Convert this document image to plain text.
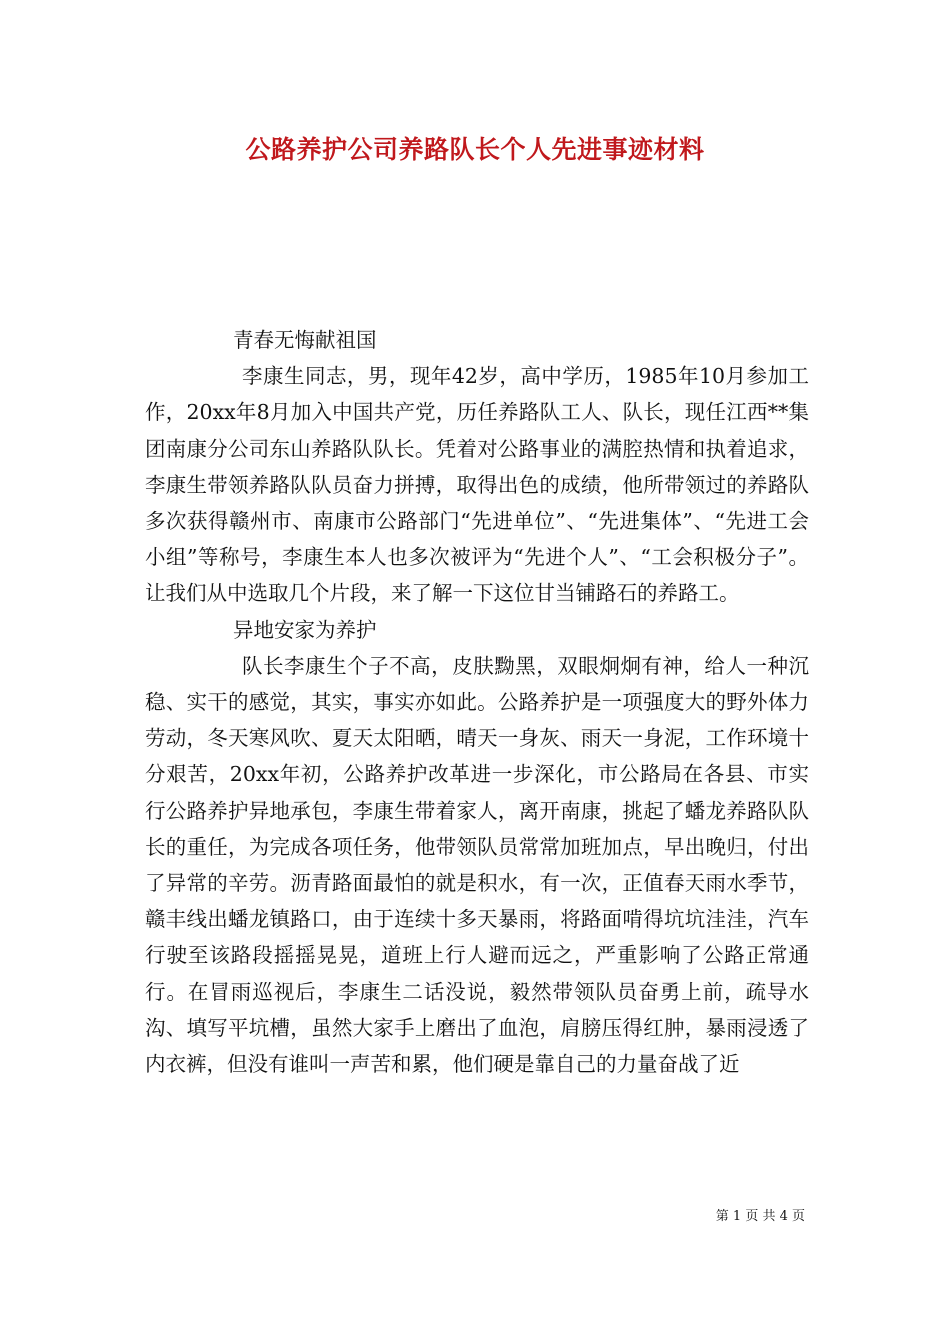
公路养护公司养路队长个人先进事迹材料

青春无悔献祖国

李康生同志，男，现年42岁，高中学历，1985年10月参加工作，20xx年8月加入中国共产党，历任养路队工人、队长，现任江西**集团南康分公司东山养路队队长。凭着对公路事业的满腔热情和执着追求，李康生带领养路队队员奋力拼搏，取得出色的成绩，他所带领过的养路队多次获得赣州市、南康市公路部门“先进单位”、“先进集体”、“先进工会小组”等称号，李康生本人也多次被评为“先进个人”、“工会积极分子”。让我们从中选取几个片段，来了解一下这位甘当铺路石的养路工。

异地安家为养护

队长李康生个子不高，皮肤黝黑，双眼炯炯有神，给人一种沉稳、实干的感觉，其实，事实亦如此。公路养护是一项强度大的野外体力劳动，冬天寒风吹、夏天太阳晒，晴天一身灰、雨天一身泥，工作环境十分艰苦，20xx年初，公路养护改革进一步深化，市公路局在各县、市实行公路养护异地承包，李康生带着家人，离开南康，挑起了蟠龙养路队队长的重任，为完成各项任务，他带领队员常常加班加点，早出晚归，付出了异常的辛劳。沥青路面最怕的就是积水，有一次，正值春天雨水季节，赣丰线出蟠龙镇路口，由于连续十多天暴雨，将路面啃得坑坑洼洼，汽车行驶至该路段摇摇晃晃，道班上行人避而远之，严重影响了公路正常通行。在冒雨巡视后，李康生二话没说，毅然带领队员奋勇上前，疏导水沟、填写平坑槽，虽然大家手上磨出了血泡，肩膀压得红肿，暴雨浸透了内衣裤，但没有谁叫一声苦和累，他们硬是靠自己的力量奋战了近

第 1 页 共 4 页
